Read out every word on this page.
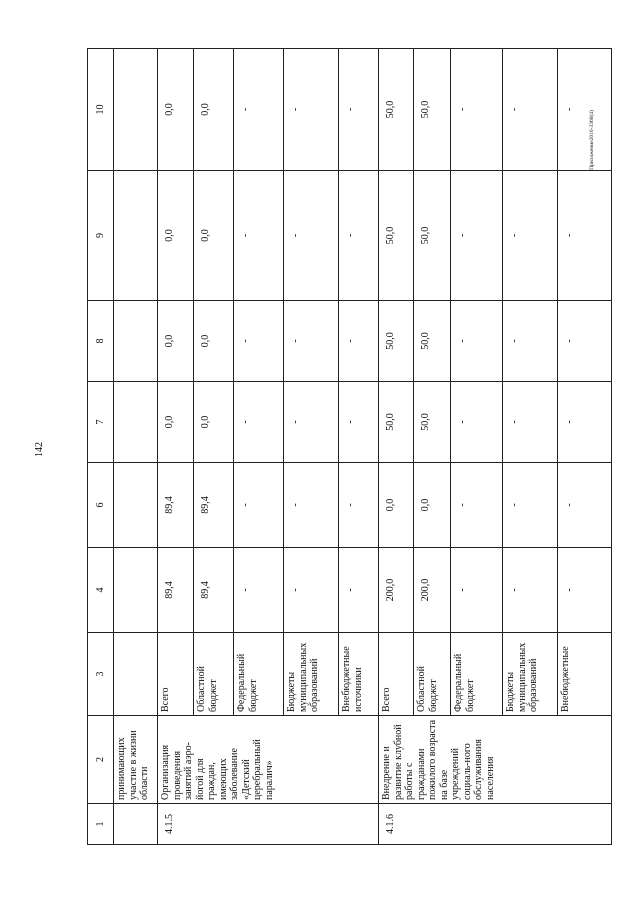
142
Приложение2016-3360(4)
1	2	3	4	6	7	8	9	10
	принимающих участие в жизни области							
4.1.5	Организация проведения занятий аэро-йогой для граждан, имеющих заболевание «Детский церебральный паралич»	Всего	89,4	89,4	0,0	0,0	0,0	0,0
		Областной бюджет	89,4	89,4	0,0	0,0	0,0	0,0
		Федеральный бюджет	-	-	-	-	-	-
		Бюджеты муниципальных образований	-	-	-	-	-	-
		Внебюджетные источники	-	-	-	-	-	-
4.1.6	Внедрение и развитие клубной работы с гражданами пожилого возраста на базе учреждений социаль-ного обслуживания населения	Всего	200,0	0,0	50,0	50,0	50,0	50,0
		Областной бюджет	200,0	0,0	50,0	50,0	50,0	50,0
		Федеральный бюджет	-	-	-	-	-	-
		Бюджеты муниципальных образований	-	-	-	-	-	-
		Внебюджетные	-	-	-	-	-	-
